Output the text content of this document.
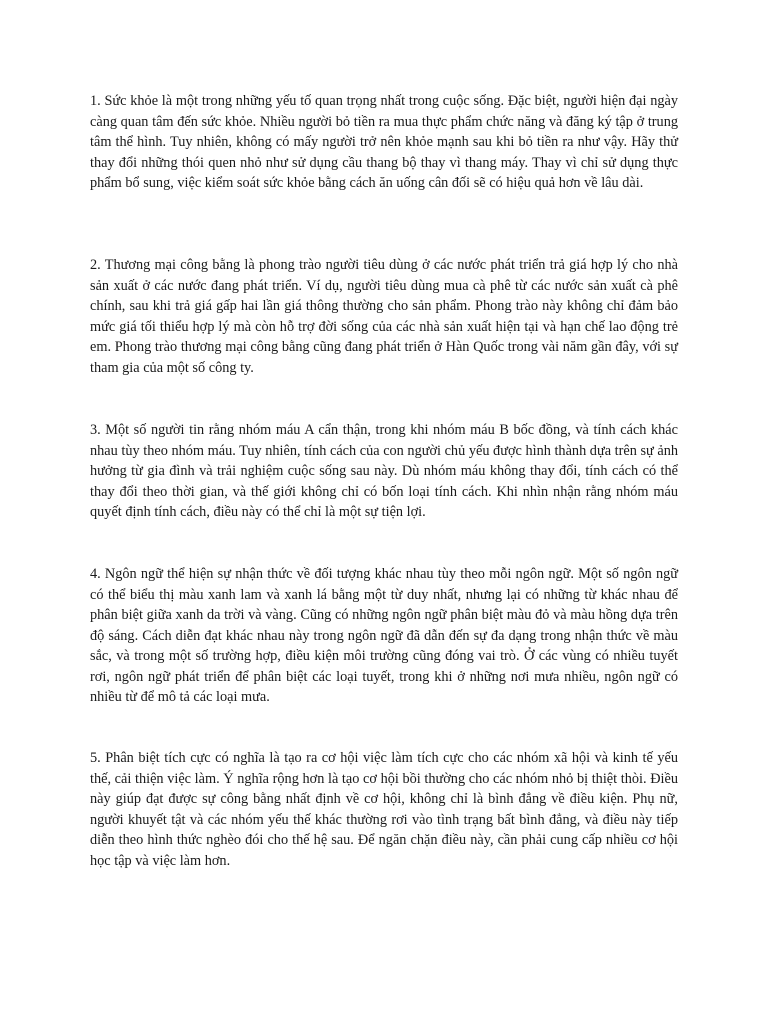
1. Sức khỏe là một trong những yếu tố quan trọng nhất trong cuộc sống. Đặc biệt, người hiện đại ngày càng quan tâm đến sức khỏe. Nhiều người bỏ tiền ra mua thực phẩm chức năng và đăng ký tập ở trung tâm thể hình. Tuy nhiên, không có mấy người trở nên khỏe mạnh sau khi bỏ tiền ra như vậy. Hãy thử thay đổi những thói quen nhỏ như sử dụng cầu thang bộ thay vì thang máy. Thay vì chỉ sử dụng thực phẩm bổ sung, việc kiểm soát sức khỏe bằng cách ăn uống cân đối sẽ có hiệu quả hơn về lâu dài.

2. Thương mại công bằng là phong trào người tiêu dùng ở các nước phát triển trả giá hợp lý cho nhà sản xuất ở các nước đang phát triển. Ví dụ, người tiêu dùng mua cà phê từ các nước sản xuất cà phê chính, sau khi trả giá gấp hai lần giá thông thường cho sản phẩm. Phong trào này không chỉ đảm bảo mức giá tối thiểu hợp lý mà còn hỗ trợ đời sống của các nhà sản xuất hiện tại và hạn chế lao động trẻ em. Phong trào thương mại công bằng cũng đang phát triển ở Hàn Quốc trong vài năm gần đây, với sự tham gia của một số công ty.

3. Một số người tin rằng nhóm máu A cẩn thận, trong khi nhóm máu B bốc đồng, và tính cách khác nhau tùy theo nhóm máu. Tuy nhiên, tính cách của con người chủ yếu được hình thành dựa trên sự ảnh hưởng từ gia đình và trải nghiệm cuộc sống sau này. Dù nhóm máu không thay đổi, tính cách có thể thay đổi theo thời gian, và thế giới không chỉ có bốn loại tính cách. Khi nhìn nhận rằng nhóm máu quyết định tính cách, điều này có thể chỉ là một sự tiện lợi.

4. Ngôn ngữ thể hiện sự nhận thức về đối tượng khác nhau tùy theo mỗi ngôn ngữ. Một số ngôn ngữ có thể biểu thị màu xanh lam và xanh lá bằng một từ duy nhất, nhưng lại có những từ khác nhau để phân biệt giữa xanh da trời và vàng. Cũng có những ngôn ngữ phân biệt màu đỏ và màu hồng dựa trên độ sáng. Cách diễn đạt khác nhau này trong ngôn ngữ đã dẫn đến sự đa dạng trong nhận thức về màu sắc, và trong một số trường hợp, điều kiện môi trường cũng đóng vai trò. Ở các vùng có nhiều tuyết rơi, ngôn ngữ phát triển để phân biệt các loại tuyết, trong khi ở những nơi mưa nhiều, ngôn ngữ có nhiều từ để mô tả các loại mưa.

5. Phân biệt tích cực có nghĩa là tạo ra cơ hội việc làm tích cực cho các nhóm xã hội và kinh tế yếu thế, cải thiện việc làm. Ý nghĩa rộng hơn là tạo cơ hội bồi thường cho các nhóm nhỏ bị thiệt thòi. Điều này giúp đạt được sự công bằng nhất định về cơ hội, không chỉ là bình đẳng về điều kiện. Phụ nữ, người khuyết tật và các nhóm yếu thế khác thường rơi vào tình trạng bất bình đẳng, và điều này tiếp diễn theo hình thức nghèo đói cho thế hệ sau. Để ngăn chặn điều này, cần phải cung cấp nhiều cơ hội học tập và việc làm hơn.
